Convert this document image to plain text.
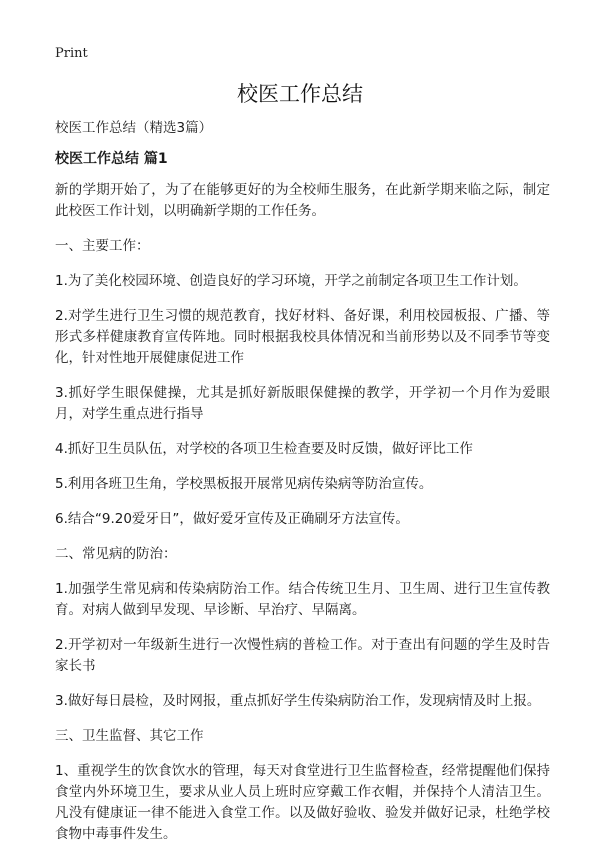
Print
校医工作总结
校医工作总结（精选3篇）
校医工作总结 篇1

新的学期开始了，为了在能够更好的为全校师生服务，在此新学期来临之际，制定此校医工作计划，以明确新学期的工作任务。

一、主要工作：

1.为了美化校园环境、创造良好的学习环境，开学之前制定各项卫生工作计划。

2.对学生进行卫生习惯的规范教育，找好材料、备好课，利用校园板报、广播、等形式多样健康教育宣传阵地。同时根据我校具体情况和当前形势以及不同季节等变化，针对性地开展健康促进工作

3.抓好学生眼保健操，尤其是抓好新版眼保健操的教学，开学初一个月作为爱眼月，对学生重点进行指导

4.抓好卫生员队伍，对学校的各项卫生检查要及时反馈，做好评比工作

5.利用各班卫生角，学校黑板报开展常见病传染病等防治宣传。

6.结合“9.20爱牙日”，做好爱牙宣传及正确刷牙方法宣传。

二、常见病的防治：

1.加强学生常见病和传染病防治工作。结合传统卫生月、卫生周、进行卫生宣传教育。对病人做到早发现、早诊断、早治疗、早隔离。

2.开学初对一年级新生进行一次慢性病的普检工作。对于查出有问题的学生及时告家长书

3.做好每日晨检，及时网报，重点抓好学生传染病防治工作，发现病情及时上报。

三、卫生监督、其它工作

1、重视学生的饮食饮水的管理，每天对食堂进行卫生监督检查，经常提醒他们保持食堂内外环境卫生，要求从业人员上班时应穿戴工作衣帽，并保持个人清洁卫生。凡没有健康证一律不能进入食堂工作。以及做好验收、验发并做好记录，杜绝学校食物中毒事件发生。
